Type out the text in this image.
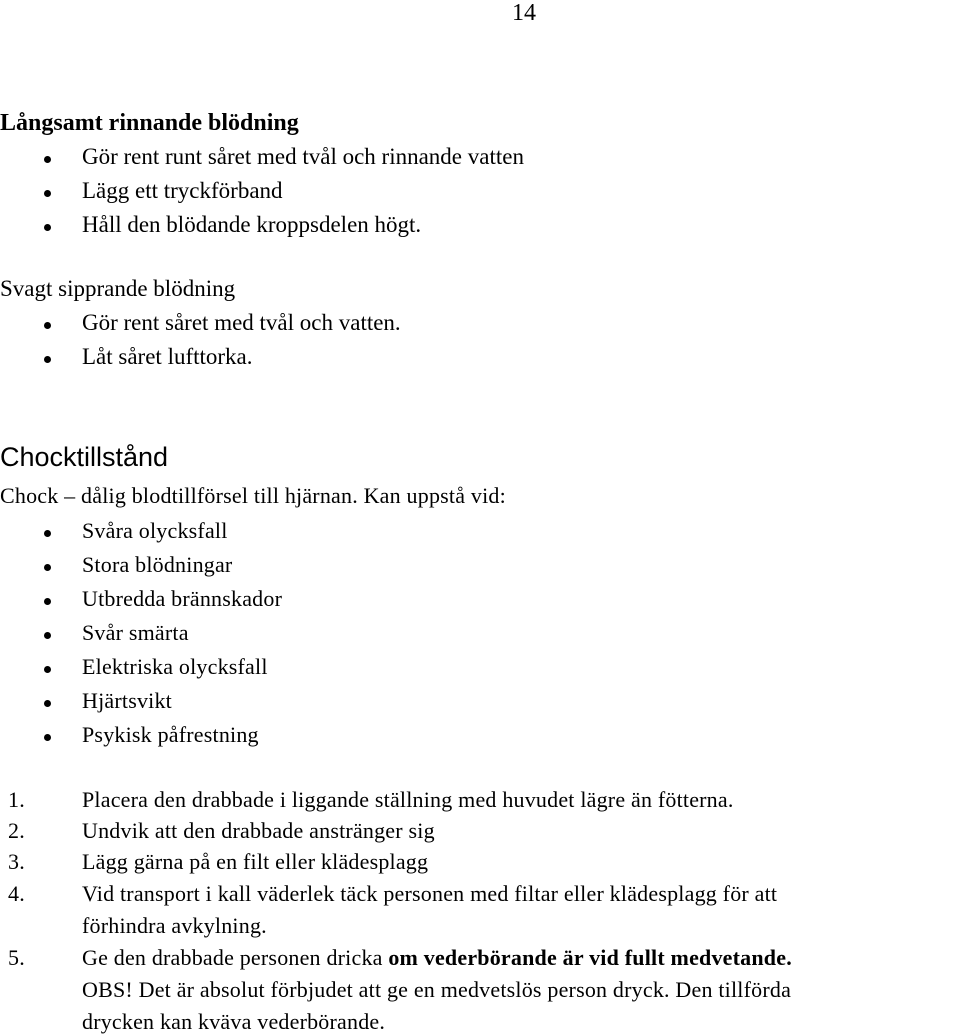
14
Långsamt rinnande blödning
Gör rent runt såret med tvål och rinnande vatten
Lägg ett tryckförband
Håll den blödande kroppsdelen högt.
Svagt sipprande blödning
Gör rent såret med tvål och vatten.
Låt såret lufttorka.
Chocktillstånd
Chock – dålig blodtillförsel till hjärnan. Kan uppstå vid:
Svåra olycksfall
Stora blödningar
Utbredda brännskador
Svår smärta
Elektriska olycksfall
Hjärtsvikt
Psykisk påfrestning
1.	Placera den drabbade i liggande ställning med huvudet lägre än fötterna.
2.	Undvik att den drabbade anstränger sig
3.	Lägg gärna på en filt eller klädesplagg
4.	Vid transport i kall väderlek täck personen med filtar eller klädesplagg för att
förhindra avkylning.
5.	Ge den drabbade personen dricka om vederbörande är vid fullt medvetande.
OBS! Det är absolut förbjudet att ge en medvetslös person dryck. Den tillförda
drycken kan kväva vederbörande.
